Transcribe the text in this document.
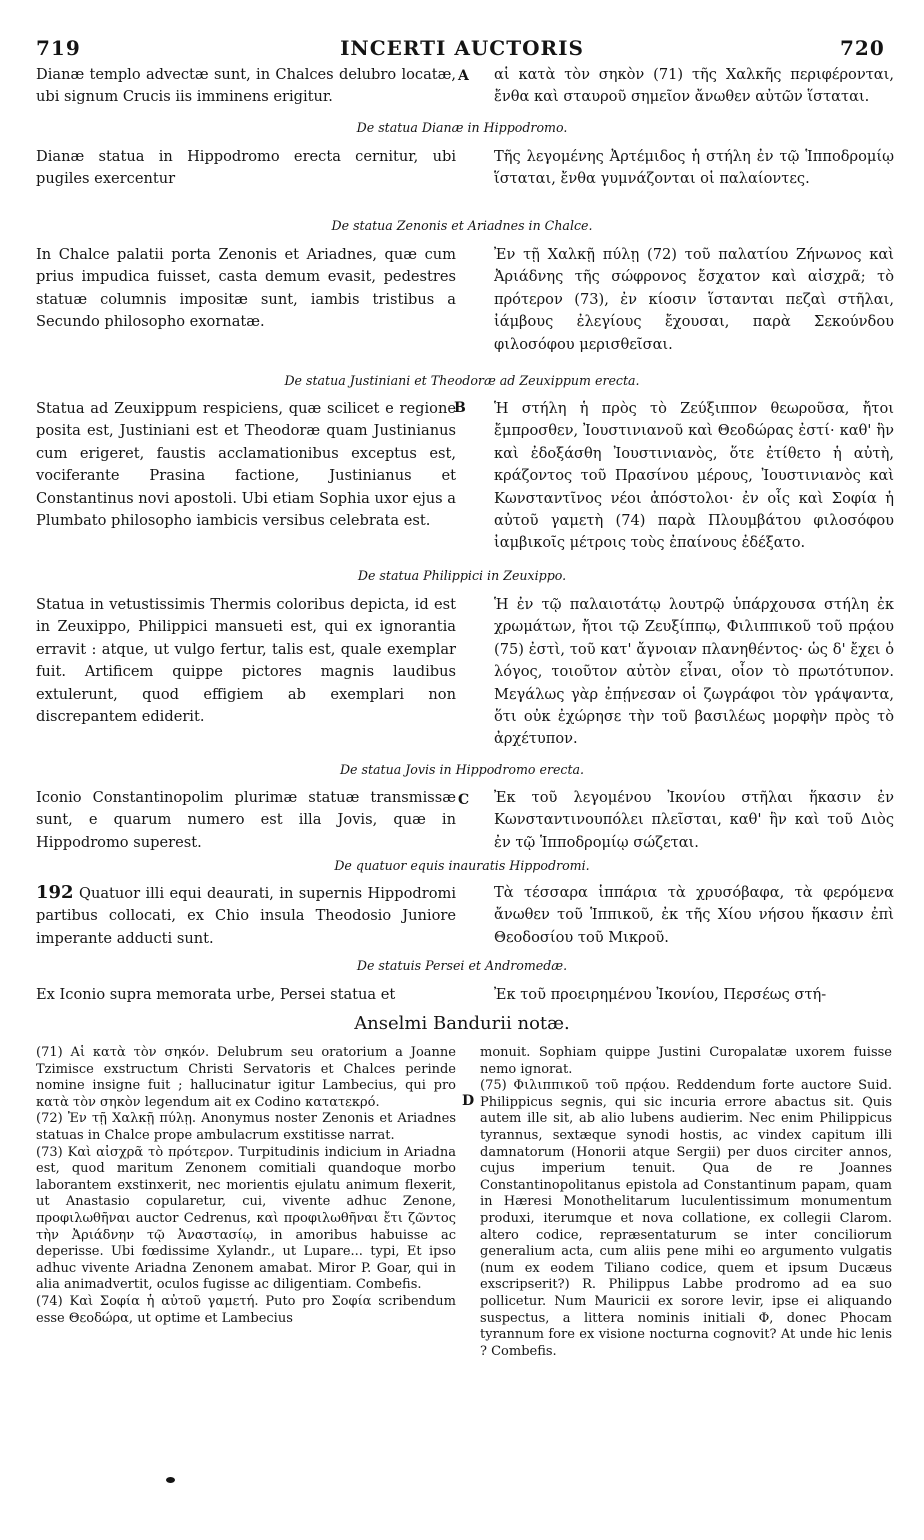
719	INCERTI AUCTORIS	720
Dianæ templo advectæ sunt, in Chalces delubro locatæ, ubi signum Crucis iis imminens erigitur.
A αἱ κατὰ τὸν σηκὸν (71) τῆς Χαλκῆς περιφέρονται, ἔνθα καὶ σταυροῦ σημεῖον ἄνωθεν αὐτῶν ἵσταται.
De statua Dianæ in Hippodromo.
Dianæ statua in Hippodromo erecta cernitur, ubi pugiles exercentur
Τῆς λεγομένης Ἀρτέμιδος ἡ στήλη ἐν τῷ Ἱπποδρομίῳ ἵσταται, ἔνθα γυμνάζονται οἱ παλαίοντες.
De statua Zenonis et Ariadnes in Chalce.
In Chalce palatii porta Zenonis et Ariadnes, quæ cum prius impudica fuisset, casta demum evasit, pedestres statuæ columnis impositæ sunt, iambis tristibus a Secundo philosopho exornatæ.
Ἐν τῇ Χαλκῇ πύλῃ (72) τοῦ παλατίου Ζήνωνος καὶ Ἀριάδνης τῆς σώφρονος ἔσχατον καὶ αἰσχρᾶ; τὸ πρότερον (73), ἐν κίοσιν ἵστανται πεζαὶ στῆλαι, ἰάμβους ἐλεγίους ἔχουσαι, παρὰ Σεκούνδου φιλοσόφου μερισθεῖσαι.
De statua Justiniani et Theodoræ ad Zeuxippum erecta.
Statua ad Zeuxippum respiciens, quæ scilicet e regione posita est, Justiniani est et Theodoræ quam Justinianus cum erigeret, faustis acclamationibus exceptus est, vociferante Prasina factione, Justinianus et Constantinus novi apostoli. Ubi etiam Sophia uxor ejus a Plumbato philosopho iambicis versibus celebrata est.
B Ἡ στήλη ἡ πρὸς τὸ Ζεύξιππον θεωροῦσα, ἤτοι ἔμπροσθεν, Ἰουστινιανοῦ καὶ Θεοδώρας ἐστί· καθ' ἣν καὶ ἐδοξάσθη Ἰουστινιανὸς, ὅτε ἐτίθετο ἡ αὐτὴ, κράζοντος τοῦ Πρασίνου μέρους, Ἰουστινιανὸς καὶ Κωνσταντῖνος νέοι ἀπόστολοι· ἐν οἷς καὶ Σοφία ἡ αὐτοῦ γαμετὴ (74) παρὰ Πλουμβάτου φιλοσόφου ἰαμβικοῖς μέτροις τοὺς ἐπαίνους ἐδέξατο.
De statua Philippici in Zeuxippo.
Statua in vetustissimis Thermis coloribus depicta, id est in Zeuxippo, Philippici mansueti est, qui ex ignorantia erravit : atque, ut vulgo fertur, talis est, quale exemplar fuit. Artificem quippe pictores magnis laudibus extulerunt, quod effigiem ab exemplari non discrepantem ediderit.
Ἡ ἐν τῷ παλαιοτάτῳ λουτρῷ ὑπάρχουσα στήλη ἐκ χρωμάτων, ἤτοι τῷ Ζευξίππῳ, Φιλιππικοῦ τοῦ πρᾴου (75) ἐστὶ, τοῦ κατ' ἄγνοιαν πλανηθέντος· ὡς δ' ἔχει ὁ λόγος, τοιοῦτον αὐτὸν εἶναι, οἷον τὸ πρωτότυπον. Μεγάλως γὰρ ἐπῄνεσαν οἱ ζωγράφοι τὸν γράψαντα, ὅτι οὐκ ἐχώρησε τὴν τοῦ βασιλέως μορφὴν πρὸς τὸ ἀρχέτυπον.
De statua Jovis in Hippodromo erecta.
Iconio Constantinopolim plurimæ statuæ transmissæ sunt, e quarum numero est illa Jovis, quæ in Hippodromo superest.
C Ἐκ τοῦ λεγομένου Ἰκονίου στῆλαι ἥκασιν ἐν Κωνσταντινουπόλει πλεῖσται, καθ' ἣν καὶ τοῦ Διὸς ἐν τῷ Ἱπποδρομίῳ σώζεται.
De quatuor equis inauratis Hippodromi.
192 Quatuor illi equi deaurati, in supernis Hippodromi partibus collocati, ex Chio insula Theodosio Juniore imperante adducti sunt.
Τὰ τέσσαρα ἱππάρια τὰ χρυσόβαφα, τὰ φερόμενα ἄνωθεν τοῦ Ἱππικοῦ, ἐκ τῆς Χίου νήσου ἥκασιν ἐπὶ Θεοδοσίου τοῦ Μικροῦ.
De statuis Persei et Andromedæ.
Ex Iconio supra memorata urbe, Persei statua et	Ἐκ τοῦ προειρημένου Ἰκονίου, Περσέως στή-
Anselmi Bandurii notæ.

(71) Αἱ κατὰ τὸν σηκόν. Delubrum seu oratorium a Joanne Tzimisce exstructum Christi Servatoris et Chalces perinde nomine insigne fuit ; hallucinatur igitur Lambecius, qui pro κατὰ τὸν σηκὸν legendum ait ex Codino κατατεκρό.

(72) Ἐν τῇ Χαλκῇ πύλῃ. Anonymus noster Zenonis et Ariadnes statuas in Chalce prope ambulacrum exstitisse narrat.

(73) Καὶ αἰσχρᾶ τὸ πρότερον. Turpitudinis indicium in Ariadna est, quod maritum Zenonem comitiali quandoque morbo laborantem exstinxerit, nec morientis ejulatu animum flexerit, ut Anastasio copularetur, cui, vivente adhuc Zenone, προφιλωθῆναι auctor Cedrenus, καὶ προφιλωθῆναι ἔτι ζῶντος τὴν Ἀριάδνην τῷ Ἀναστασίῳ, in amoribus habuisse ac deperisse. Ubi fœdissime Xylandr., ut Lupare... typi, Et ipso adhuc vivente Ariadna Zenonem amabat. Miror P. Goar, qui in alia animadvertit, oculos fugisse ac diligentiam. Combefis.

(74) Καὶ Σοφία ἡ αὐτοῦ γαμετή. Puto pro Σοφία scribendum esse Θεοδώρα, ut optime et Lambecius

D

monuit. Sophiam quippe Justini Curopalatæ uxorem fuisse nemo ignorat.

(75) Φιλιππικοῦ τοῦ πρᾴου. Reddendum forte auctore Suid. Philippicus segnis, qui sic incuria errore abactus sit. Quis autem ille sit, ab alio lubens audierim. Nec enim Philippicus tyrannus, sextæque synodi hostis, ac vindex capitum illi damnatorum (Honorii atque Sergii) per duos circiter annos, cujus imperium tenuit. Qua de re Joannes Constantinopolitanus epistola ad Constantinum papam, quam in Hæresi Monothelitarum luculentissimum monumentum produxi, iterumque et nova collatione, ex collegii Clarom. altero codice, repræsentaturum se inter conciliorum generalium acta, cum aliis pene mihi eo argumento vulgatis (num ex eodem Tiliano codice, quem et ipsum Ducæus exscripserit?) R. Philippus Labbe prodromo ad ea suo pollicetur. Num Mauricii ex sorore levir, ipse ei aliquando suspectus, a littera nominis initiali Φ, donec Phocam tyrannum fore ex visione nocturna cognovit? At unde hic lenis ? Combefis.
